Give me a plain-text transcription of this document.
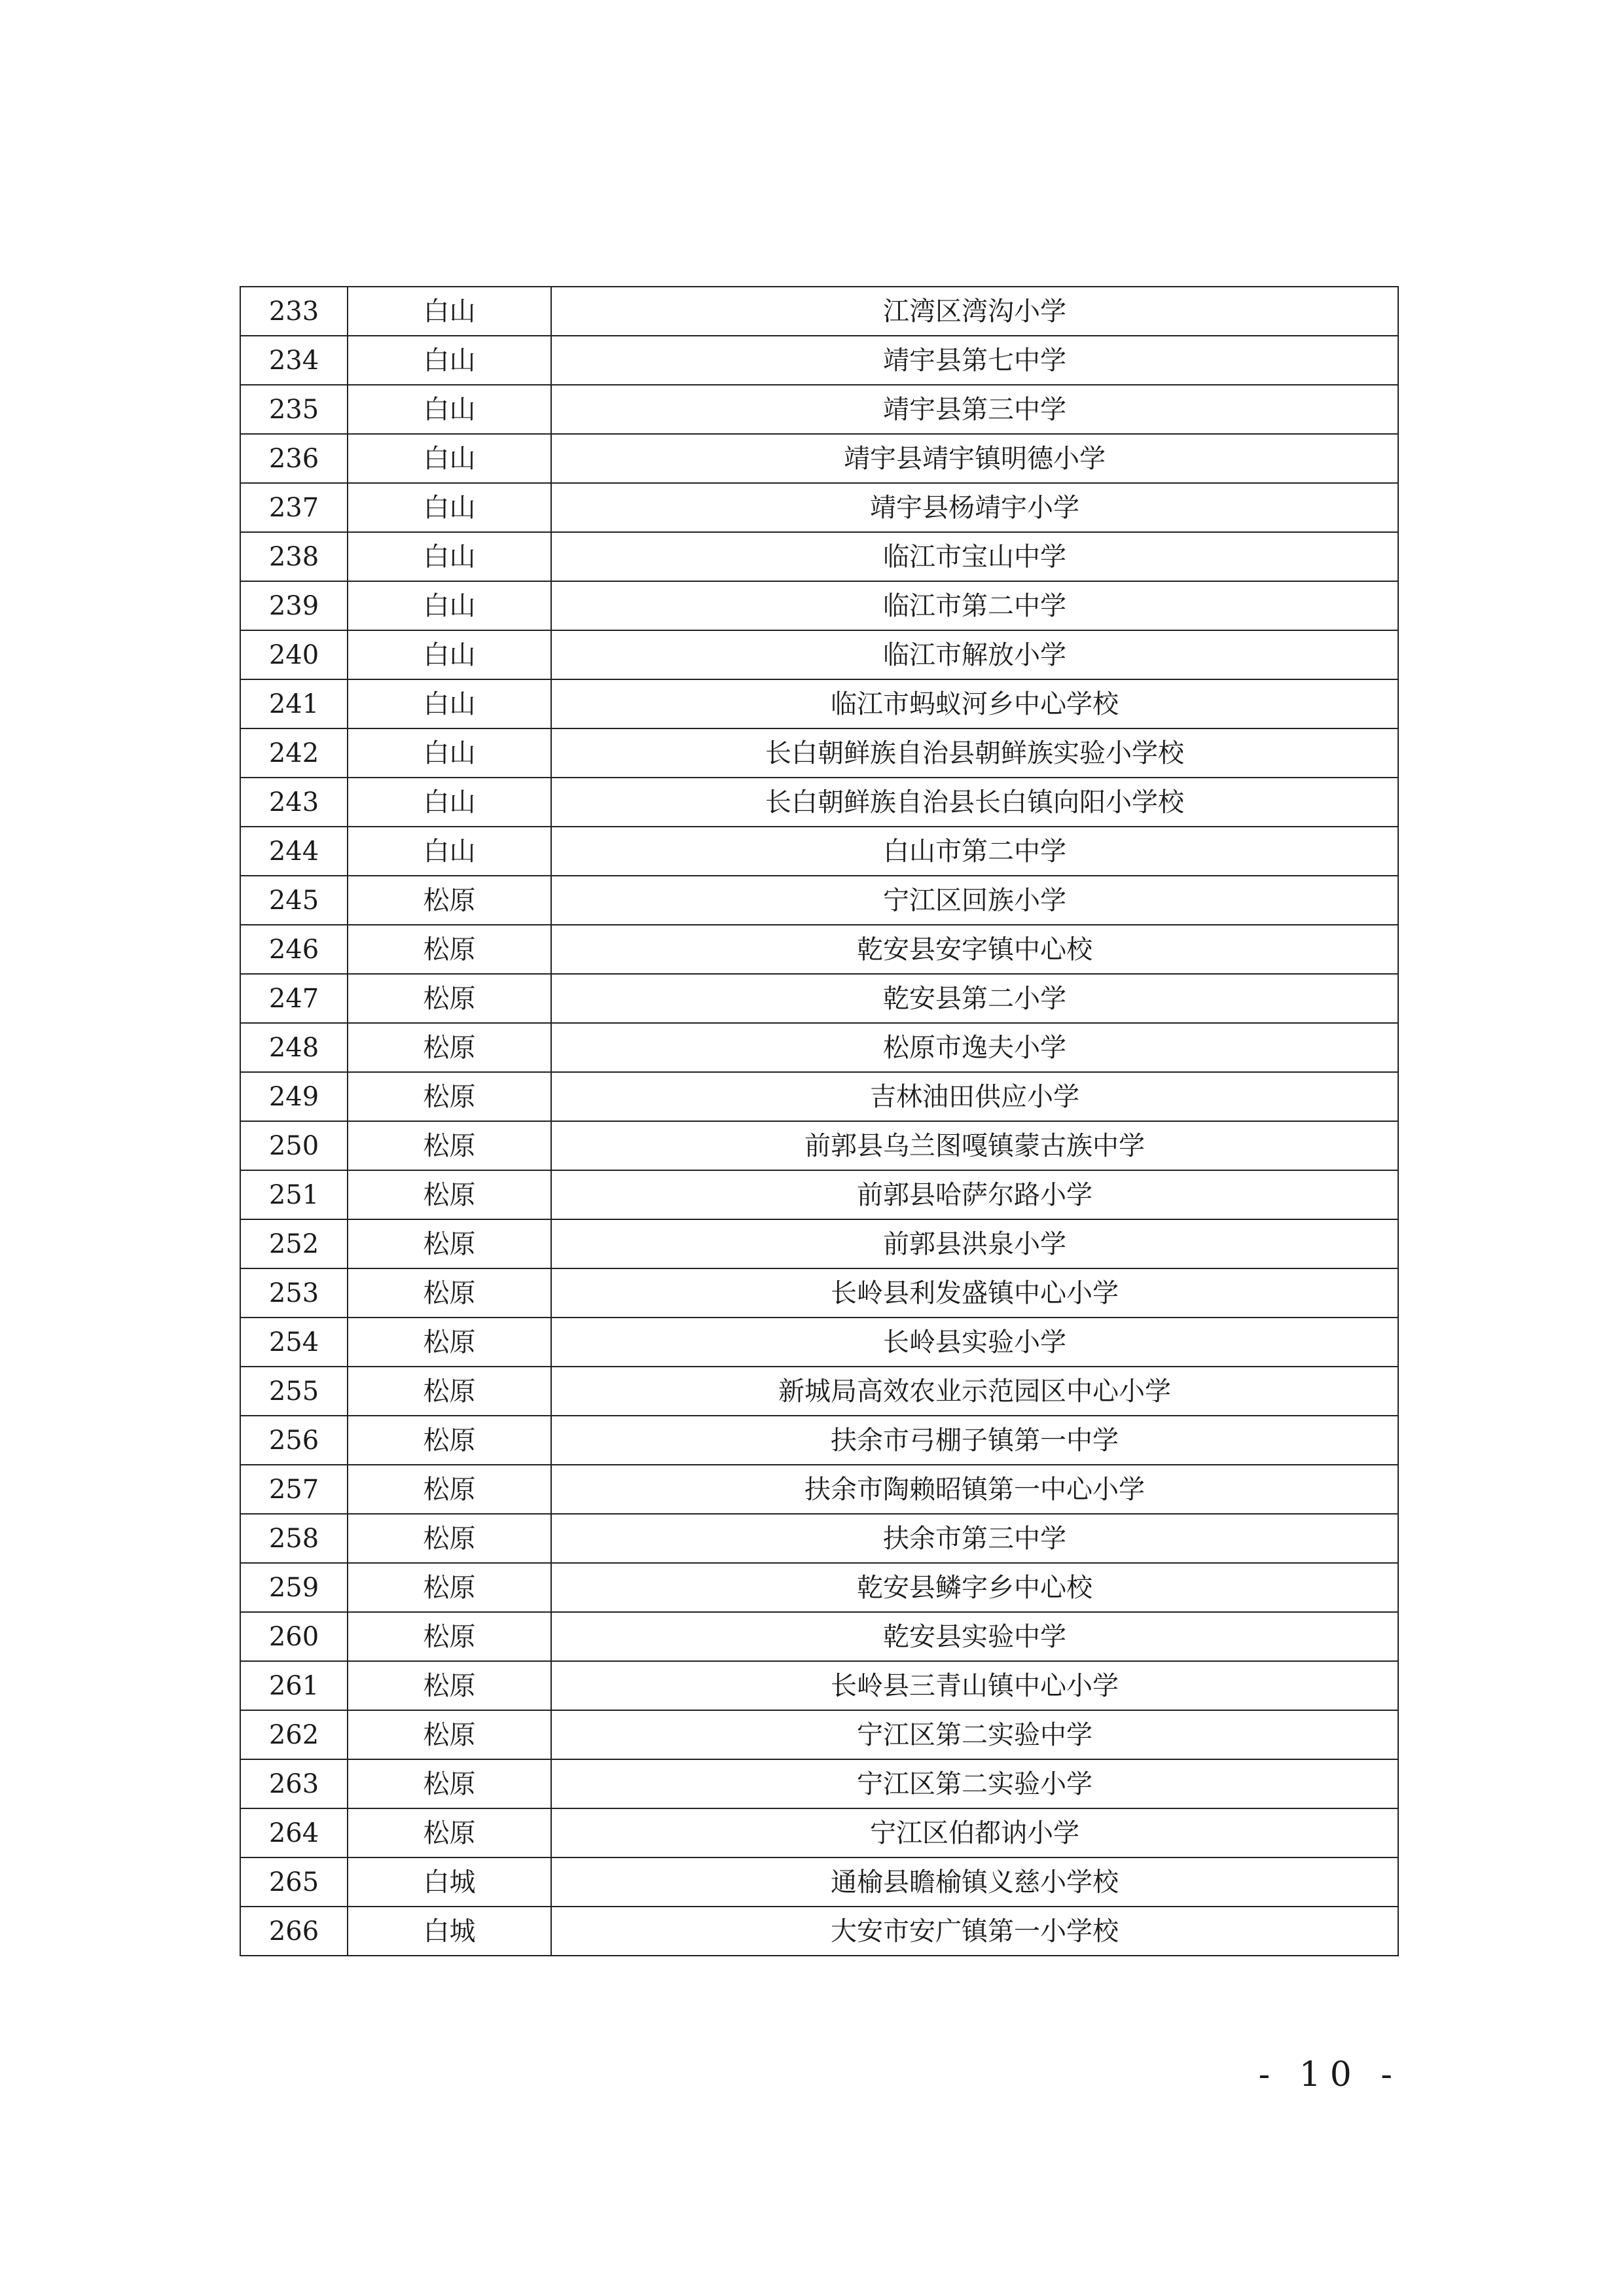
233	白山	江湾区湾沟小学
234	白山	靖宇县第七中学
235	白山	靖宇县第三中学
236	白山	靖宇县靖宇镇明德小学
237	白山	靖宇县杨靖宇小学
238	白山	临江市宝山中学
239	白山	临江市第二中学
240	白山	临江市解放小学
241	白山	临江市蚂蚁河乡中心学校
242	白山	长白朝鲜族自治县朝鲜族实验小学校
243	白山	长白朝鲜族自治县长白镇向阳小学校
244	白山	白山市第二中学
245	松原	宁江区回族小学
246	松原	乾安县安字镇中心校
247	松原	乾安县第二小学
248	松原	松原市逸夫小学
249	松原	吉林油田供应小学
250	松原	前郭县乌兰图嘎镇蒙古族中学
251	松原	前郭县哈萨尔路小学
252	松原	前郭县洪泉小学
253	松原	长岭县利发盛镇中心小学
254	松原	长岭县实验小学
255	松原	新城局高效农业示范园区中心小学
256	松原	扶余市弓棚子镇第一中学
257	松原	扶余市陶赖昭镇第一中心小学
258	松原	扶余市第三中学
259	松原	乾安县鳞字乡中心校
260	松原	乾安县实验中学
261	松原	长岭县三青山镇中心小学
262	松原	宁江区第二实验中学
263	松原	宁江区第二实验小学
264	松原	宁江区伯都讷小学
265	白城	通榆县瞻榆镇义慈小学校
266	白城	大安市安广镇第一小学校
- 10 -
